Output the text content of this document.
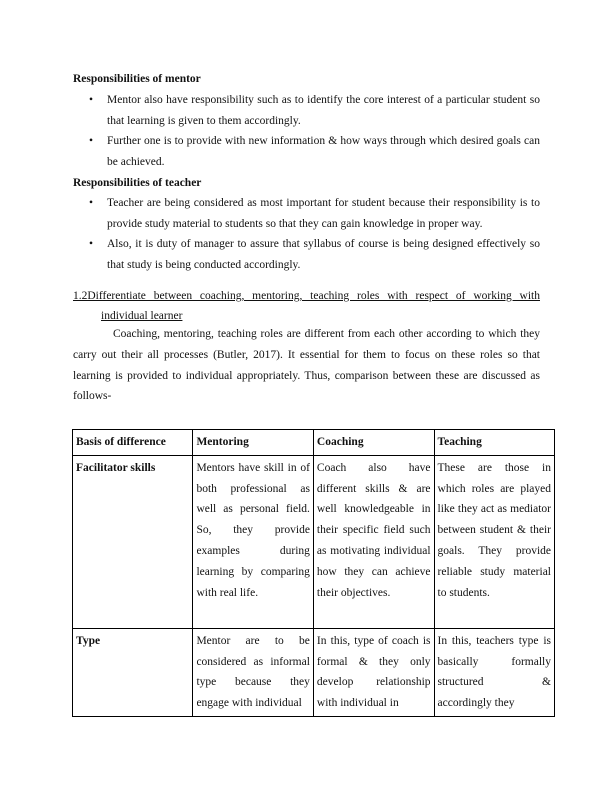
Responsibilities of mentor
• Mentor also have responsibility such as to identify the core interest of a particular student so that learning is given to them accordingly.
• Further one is to provide with new information & how ways through which desired goals can be achieved.
Responsibilities of teacher
• Teacher are being considered as most important for student because their responsibility is to provide study material to students so that they can gain knowledge in proper way.
• Also, it is duty of manager to assure that syllabus of course is being designed effectively so that study is being conducted accordingly.
1.2Differentiate between coaching, mentoring, teaching roles with respect of working with
individual learner
Coaching, mentoring, teaching roles are different from each other according to which they carry out their all processes (Butler, 2017). It essential for them to focus on these roles so that learning is provided to individual appropriately. Thus, comparison between these are discussed as follows-
Basis of difference	Mentoring	Coaching	Teaching
Facilitator skills	Mentors have skill in of both professional as well as personal field. So, they provide examples during learning by comparing with real life.	Coach also have different skills & are well knowledgeable in their specific field such as motivating individual how they can achieve their objectives.	These are those in which roles are played like they act as mediator between student & their goals. They provide reliable study material to students.
Type	Mentor are to be considered as informal type because they engage with individual	In this, type of coach is formal & they only develop relationship with individual in	In this, teachers type is basically formally structured & accordingly they
